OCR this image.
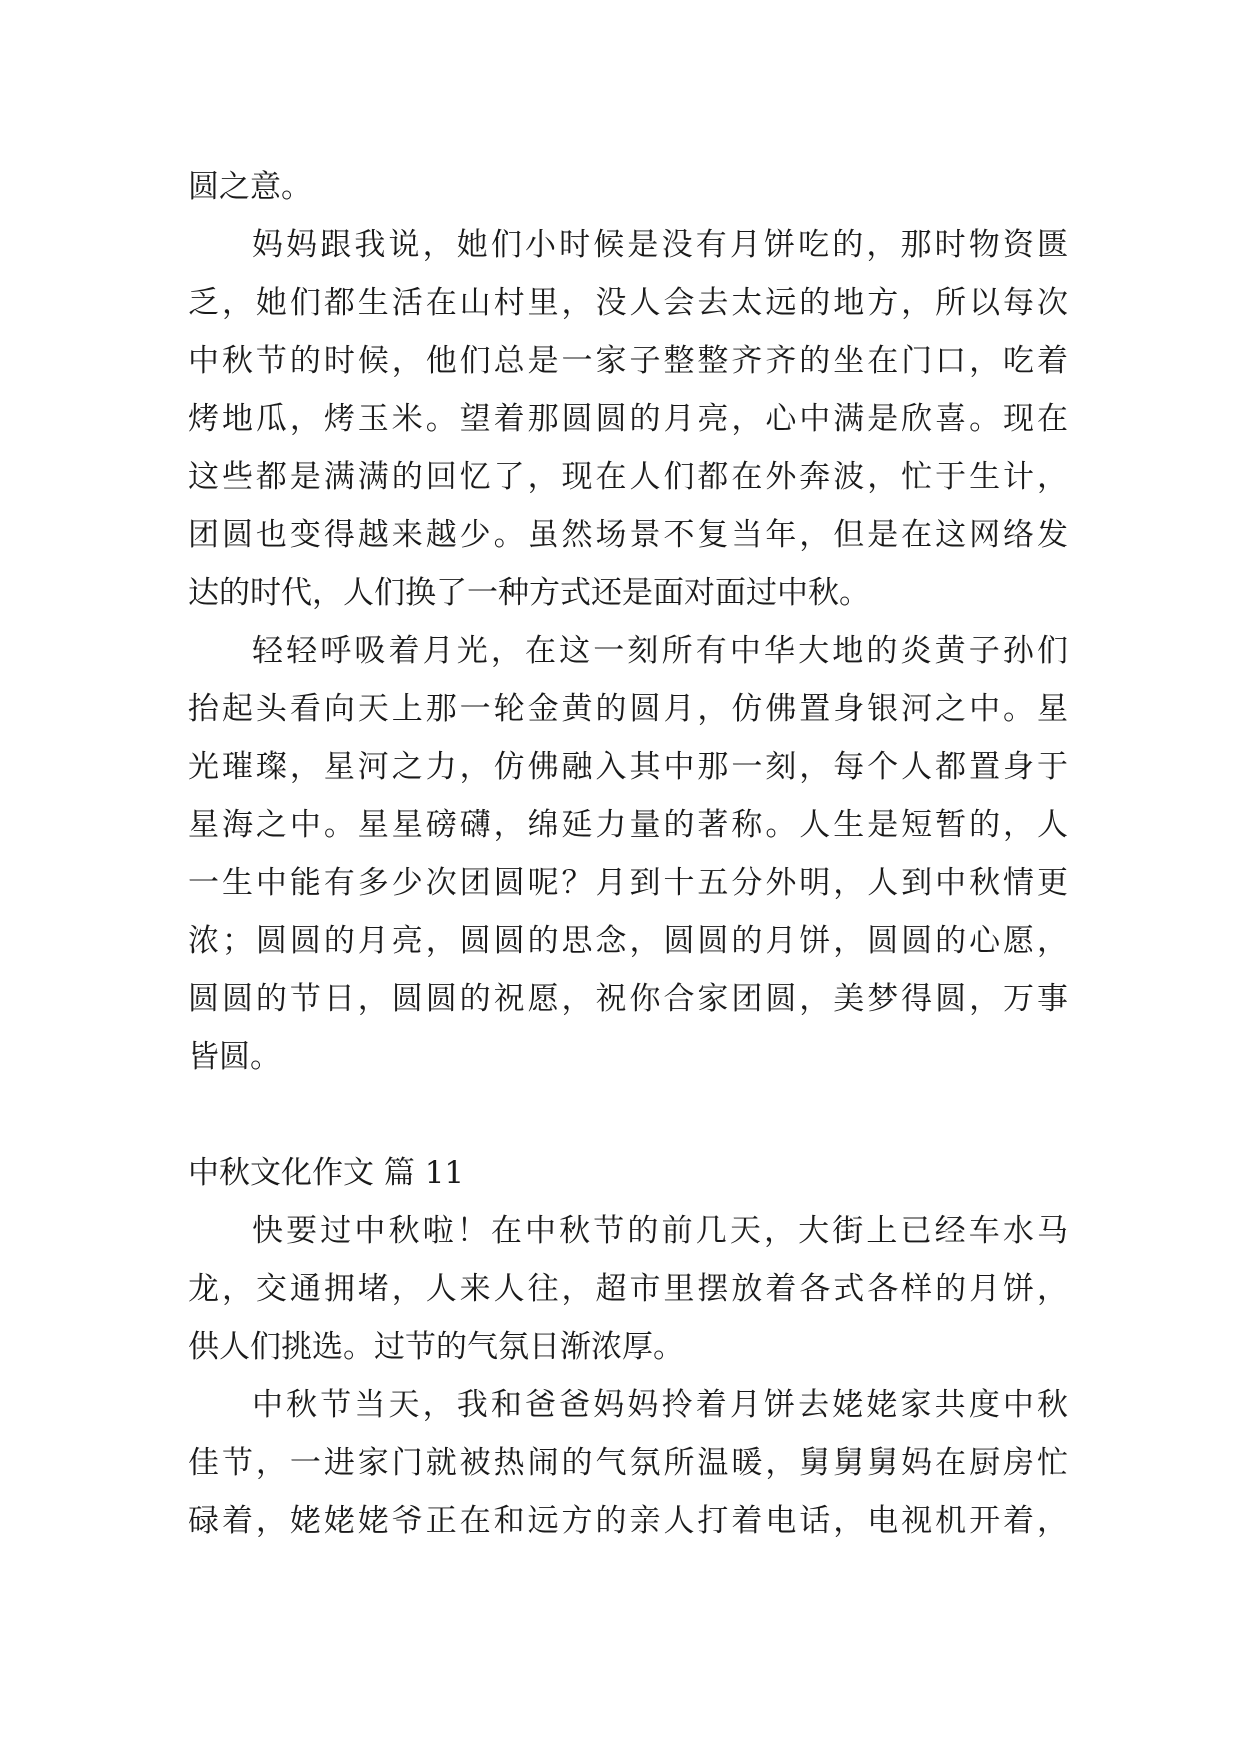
圆之意。

妈妈跟我说，她们小时候是没有月饼吃的，那时物资匮
乏，她们都生活在山村里，没人会去太远的地方，所以每次
中秋节的时候，他们总是一家子整整齐齐的坐在门口，吃着
烤地瓜，烤玉米。望着那圆圆的月亮，心中满是欣喜。现在
这些都是满满的回忆了，现在人们都在外奔波，忙于生计，
团圆也变得越来越少。虽然场景不复当年，但是在这网络发
达的时代，人们换了一种方式还是面对面过中秋。

轻轻呼吸着月光，在这一刻所有中华大地的炎黄子孙们
抬起头看向天上那一轮金黄的圆月，仿佛置身银河之中。星
光璀璨，星河之力，仿佛融入其中那一刻，每个人都置身于
星海之中。星星磅礴，绵延力量的著称。人生是短暂的，人
一生中能有多少次团圆呢？月到十五分外明，人到中秋情更
浓；圆圆的月亮，圆圆的思念，圆圆的月饼，圆圆的心愿，
圆圆的节日，圆圆的祝愿，祝你合家团圆，美梦得圆，万事
皆圆。

中秋文化作文 篇 11

快要过中秋啦！在中秋节的前几天，大街上已经车水马
龙，交通拥堵，人来人往，超市里摆放着各式各样的月饼，
供人们挑选。过节的气氛日渐浓厚。

中秋节当天，我和爸爸妈妈拎着月饼去姥姥家共度中秋
佳节，一进家门就被热闹的气氛所温暖，舅舅舅妈在厨房忙
碌着，姥姥姥爷正在和远方的亲人打着电话，电视机开着，
